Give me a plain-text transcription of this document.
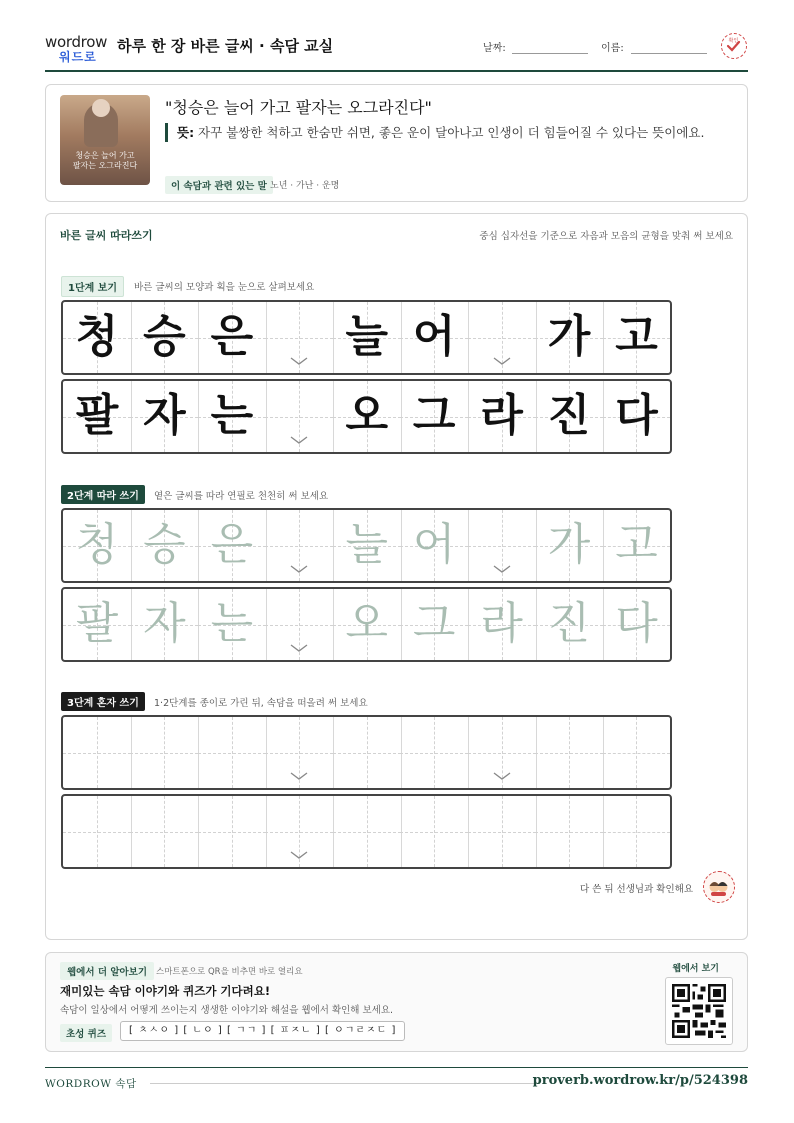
wordrow
워드로
하루 한 장 바른 글씨 · 속담 교실	날짜:	이름:
확인
청승은 늘어 가고
팔자는 오그라진다
"청승은 늘어 가고 팔자는 오그라진다"
뜻: 자꾸 불쌍한 척하고 한숨만 쉬면, 좋은 운이 달아나고 인생이 더 힘들어질 수 있다는 뜻이에요.
이 속담과 관련 있는 말 노년 · 가난 · 운명
바른 글씨 따라쓰기	중심 십자선을 기준으로 자음과 모음의 균형을 맞춰 써 보세요
1단계 보기	바른 글씨의 모양과 획을 눈으로 살펴보세요
청 승 은 늘 어 가 고
팔 자 는 오 그 라 진 다
2단계 따라 쓰기	옅은 글씨를 따라 연필로 천천히 써 보세요
청 승 은 늘 어 가 고
팔 자 는 오 그 라 진 다
3단계 혼자 쓰기	1·2단계를 종이로 가린 뒤, 속담을 떠올려 써 보세요
다 쓴 뒤 선생님과 확인해요
웹에서 더 알아보기	스마트폰으로 QR을 비추면 바로 열리요
재미있는 속담 이야기와 퀴즈가 기다려요!
속담이 일상에서 어떻게 쓰이는지 생생한 이야기와 해설을 웹에서 확인해 보세요.
초성 퀴즈	[ ㅊㅅㅇ ] [ ㄴㅇ ] [ ㄱㄱ ] [ ㅍㅈㄴ ] [ ㅇㄱㄹㅈㄷ ]
웹에서 보기
WORDROW 속담	proverb.wordrow.kr/p/524398
